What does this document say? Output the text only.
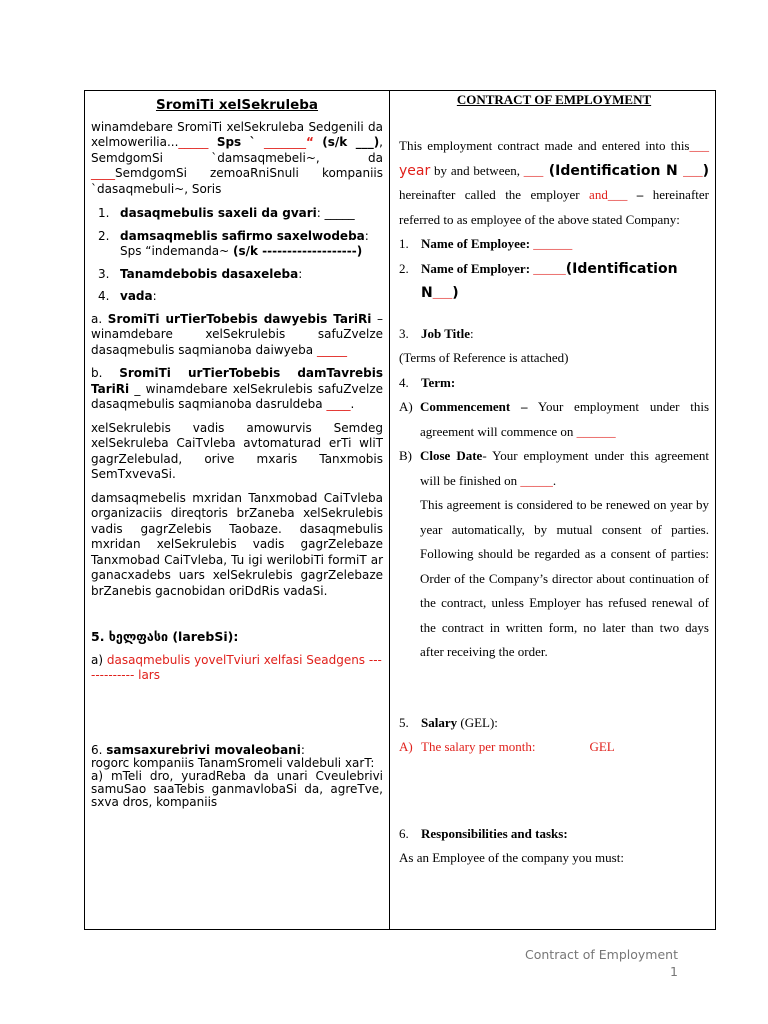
SromiTi xelSekruleba

winamdebare SromiTi xelSekruleba Sedgenili da xelmowerilia..._____ Sps ` _______“ (s/k ___), SemdgomSi `damsaqmebeli~, da ____SemdgomSi zemoaRniSnuli kompaniis `dasaqmebuli~, Soris

1. dasaqmebulis saxeli da gvari: _____
2. damsaqmeblis safirmo saxelwodeba:
Sps “indemanda~ (s/k -------------------)
3. Tanamdebobis dasaxeleba:
4. vada:

a. SromiTi urTierTobebis dawyebis TariRi – winamdebare xelSekrulebis safuZvelze dasaqmebulis saqmianoba daiwyeba _____

b. SromiTi urTierTobebis damTavrebis TariRi _ winamdebare xelSekrulebis safuZvelze dasaqmebulis saqmianoba dasruldeba ____.

xelSekrulebis vadis amowurvis Semdeg xelSekruleba CaiTvleba avtomaturad erTi wliT gagrZelebulad, orive mxaris Tanxmobis SemTxvevaSi.

damsaqmebelis mxridan Tanxmobad CaiTvleba organizaciis direqtoris brZaneba xelSekrulebis vadis gagrZelebis Taobaze. dasaqmebulis mxridan xelSekrulebis vadis gagrZelebaze Tanxmobad CaiTvleba, Tu igi werilobiTi formiT ar ganacxadebs uars xelSekrulebis gagrZelebaze brZanebis gacnobidan oriDdRis vadaSi.

5. ხელფასი (larebSi):

a) dasaqmebulis yovelTviuri xelfasi Seadgens ------------- lars

6. samsaxurebrivi movaleobani:

rogorc kompaniis TanamSromeli valdebuli xarT:

a) mTeli dro, yuradReba da unari Cveulebrivi samuSao saaTebis ganmavlobaSi da, agreTve, sxva dros, kompaniis

CONTRACT OF EMPLOYMENT

This employment contract made and entered into this___ year by and between, ___ (Identification N ___) hereinafter called the employer and___ – hereinafter referred to as employee of the above stated Company:

1. Name of Employee: ______

2. Name of Employer: _____(Identification

N___)

3. Job Title:

(Terms of Reference is attached)

4. Term:

A) Commencement – Your employment under this agreement will commence on ______
B) Close Date- Your employment under this agreement will be finished on _____.
This agreement is considered to be renewed on year by year automatically, by mutual consent of parties. Following should be regarded as a consent of parties: Order of the Company’s director about continuation of the contract, unless Employer has refused renewal of the contract in written form, no later than two days after receiving the order.

5. Salary (GEL):

A) The salary per month:	GEL

6. Responsibilities and tasks:

As an Employee of the company you must:

Contract of Employment
1
